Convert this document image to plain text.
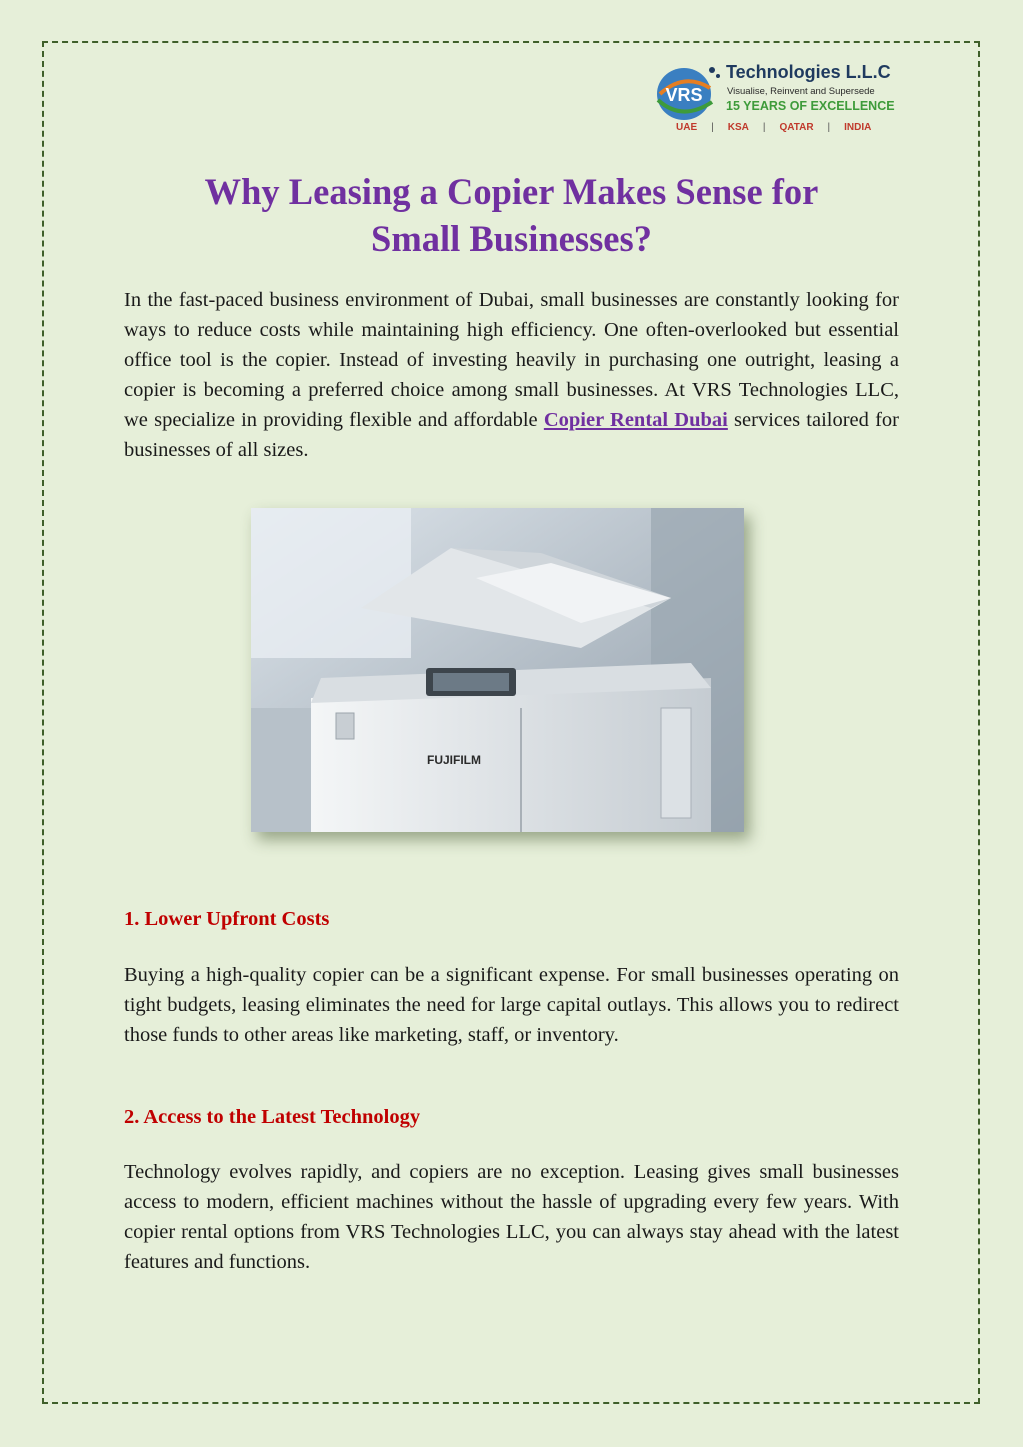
VRS
Technologies L.L.C
Visualise, Reinvent and Supersede
15 YEARS OF EXCELLENCE
UAE	|	KSA	|	QATAR	|	INDIA
Why Leasing a Copier Makes Sense for
Small Businesses?

In the fast-paced business environment of Dubai, small businesses are constantly looking for ways to reduce costs while maintaining high efficiency. One often-overlooked but essential office tool is the copier. Instead of investing heavily in purchasing one outright, leasing a copier is becoming a preferred choice among small businesses. At VRS Technologies LLC, we specialize in providing flexible and affordable Copier Rental Dubai services tailored for businesses of all sizes.

FUJIFILM
1. Lower Upfront Costs

Buying a high-quality copier can be a significant expense. For small businesses operating on tight budgets, leasing eliminates the need for large capital outlays. This allows you to redirect those funds to other areas like marketing, staff, or inventory.

2. Access to the Latest Technology

Technology evolves rapidly, and copiers are no exception. Leasing gives small businesses access to modern, efficient machines without the hassle of upgrading every few years. With copier rental options from VRS Technologies LLC, you can always stay ahead with the latest features and functions.
